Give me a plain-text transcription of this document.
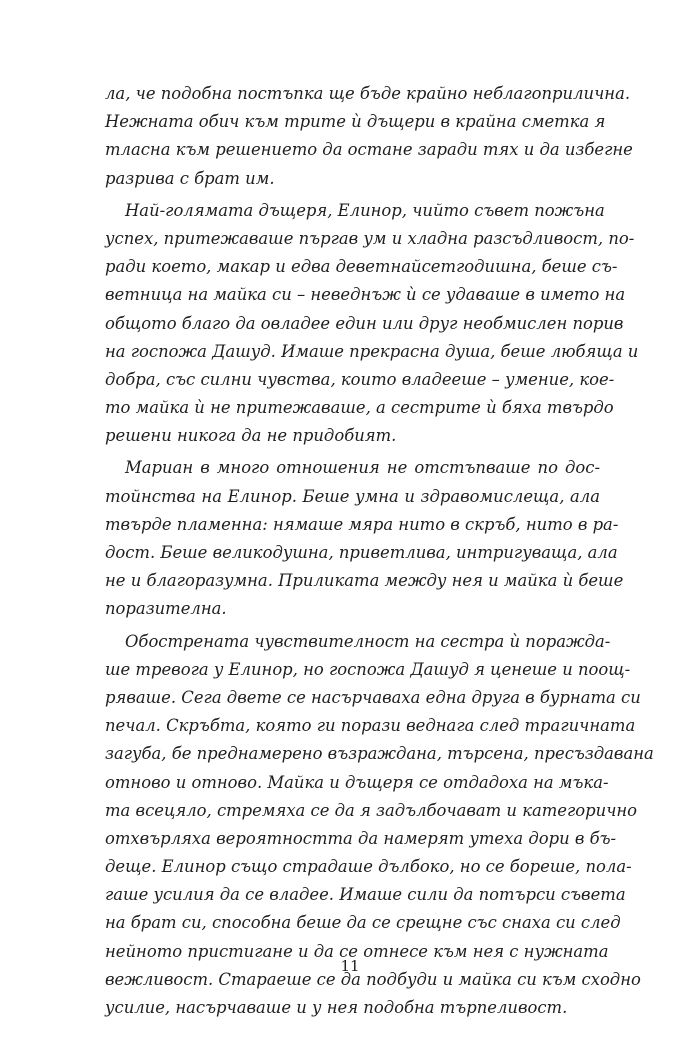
ла, че подобна постъпка ще бъде крайно неблагоприлична.
Нежната обич към трите ѝ дъщери в крайна сметка я
тласна към решението да остане заради тях и да избегне
разрива с брат им.
Най-голямата дъщеря, Елинор, чийто съвет пожъна
успех, притежаваше пъргав ум и хладна разсъдливост, по-
ради което, макар и едва деветнайсетгодишна, беше съ-
ветница на майка си – неведнъж ѝ се удаваше в името на
общото благо да овладее един или друг необмислен порив
на госпожа Дашуд. Имаше прекрасна душа, беше любяща и
добра, със силни чувства, които владееше – умение, кое-
то майка ѝ не притежаваше, а сестрите ѝ бяха твърдо
решени никога да не придобият.
Мариан в много отношения не отстъпваше по дос-
тойнства на Елинор. Беше умна и здравомислеща, ала
твърде пламенна: нямаше мяра нито в скръб, нито в ра-
дост. Беше великодушна, приветлива, интригуваща, ала
не и благоразумна. Приликата между нея и майка ѝ беше
поразителна.
Обостренaта чувствителност на сестра ѝ пoражда-
ше тревога у Елинор, но госпожа Дашуд я ценеше и поощ-
ряваше. Сега двете се насърчаваха една друга в бурната си
печал. Скръбта, която ги порази веднага след трагичната
загуба, бе преднамерено възраждана, търсена, пресъздавана
отново и отново. Майка и дъщеря се отдадоха на мъка-
та всецяло, стремяха се да я задълбочават и категорично
отхвърляха вероятността да намерят утеха дори в бъ-
деще. Елинор също страдаше дълбоко, но се бореше, пола-
гаше усилия да се владее. Имаше сили да потърси съвета
на брат си, способна беше да се срещне със снаха си след
нейното пристигане и да се отнесе към нея с нужната
вежливост. Стараеше се да подбуди и майка си към сходно
усилие, насърчаваше и у нея подобна търпеливост.
11
